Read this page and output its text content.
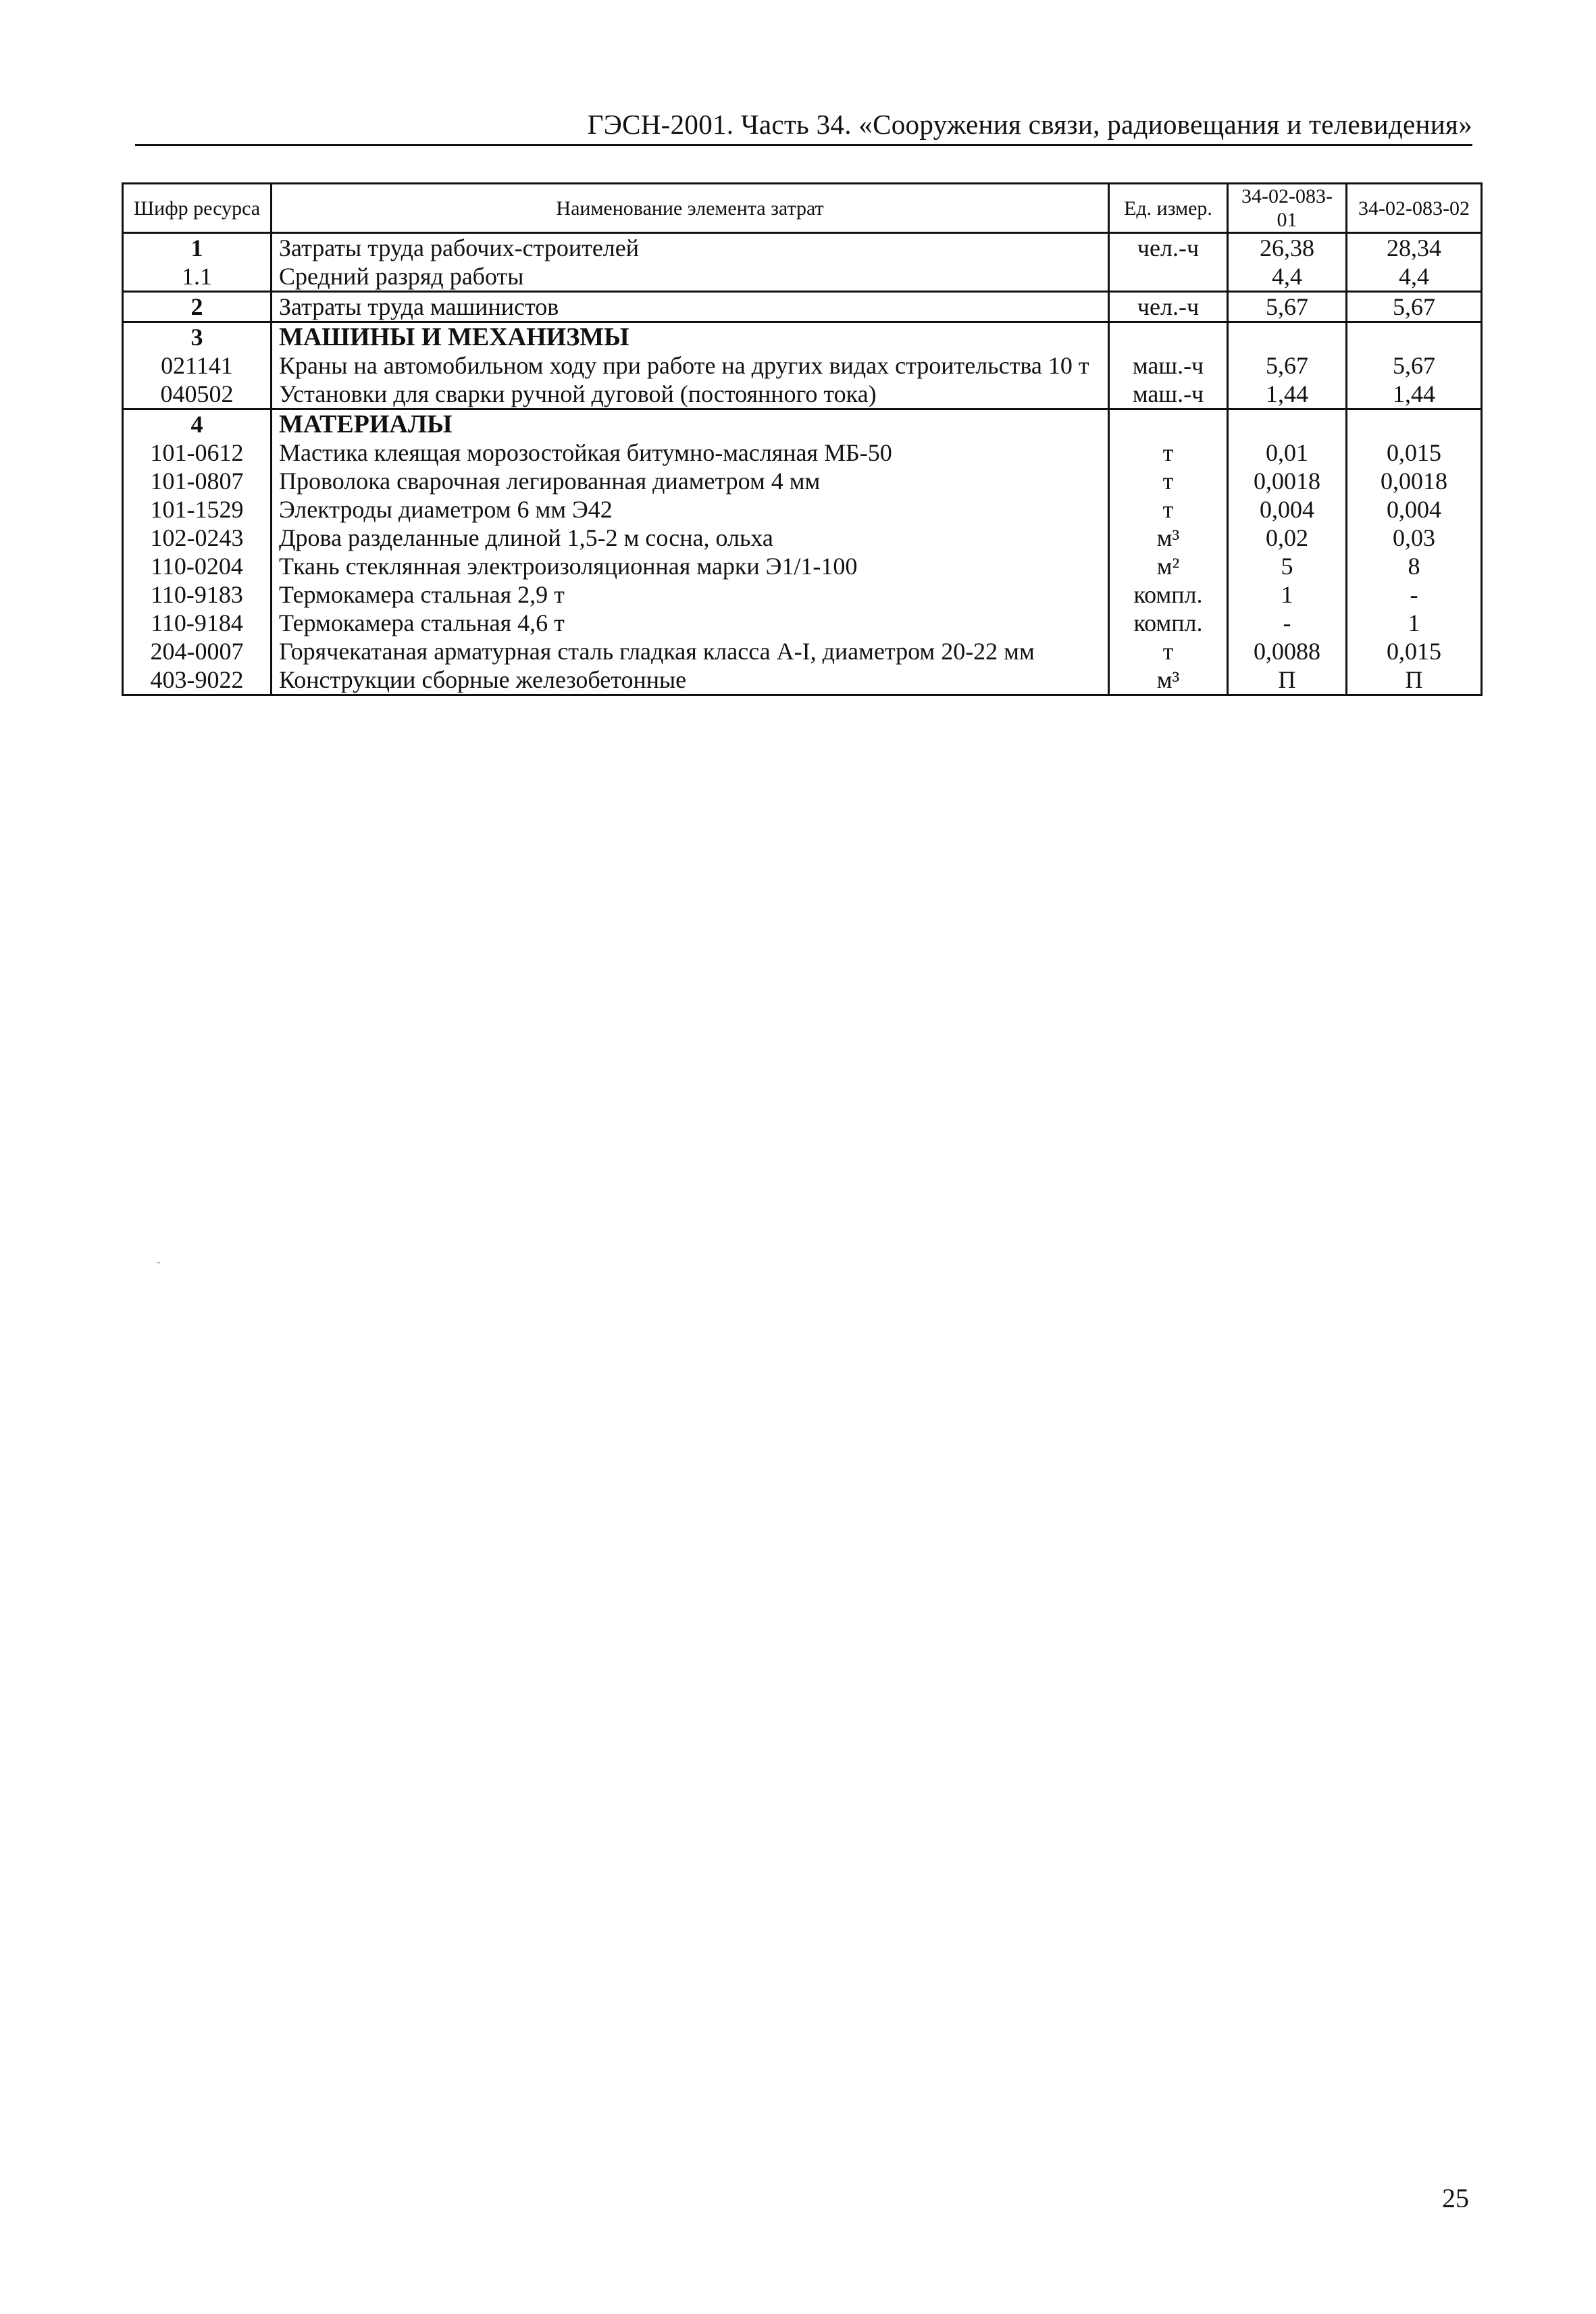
ГЭСН-2001. Часть 34. «Сооружения связи, радиовещания и телевидения»
Шифр ресурса	Наименование элемента затрат	Ед. измер.	34-02-083-01	34-02-083-02
1	Затраты труда рабочих-строителей	чел.-ч	26,38	28,34
1.1	Средний разряд работы		4,4	4,4
2	Затраты труда машинистов	чел.-ч	5,67	5,67
3	МАШИНЫ И МЕХАНИЗМЫ			
021141	Краны на автомобильном ходу при работе на других видах строительства 10 т	маш.-ч	5,67	5,67
040502	Установки для сварки ручной дуговой (постоянного тока)	маш.-ч	1,44	1,44
4	МАТЕРИАЛЫ			
101-0612	Мастика клеящая морозостойкая битумно-масляная МБ-50	т	0,01	0,015
101-0807	Проволока сварочная легированная диаметром 4 мм	т	0,0018	0,0018
101-1529	Электроды диаметром 6 мм Э42	т	0,004	0,004
102-0243	Дрова разделанные длиной 1,5-2 м сосна, ольха	м³	0,02	0,03
110-0204	Ткань стеклянная электроизоляционная марки Э1/1-100	м²	5	8
110-9183	Термокамера стальная 2,9 т	компл.	1	-
110-9184	Термокамера стальная 4,6 т	компл.	-	1
204-0007	Горячекатаная арматурная сталь гладкая класса А-I, диаметром 20-22 мм	т	0,0088	0,015
403-9022	Конструкции сборные железобетонные	м³	П	П
25
